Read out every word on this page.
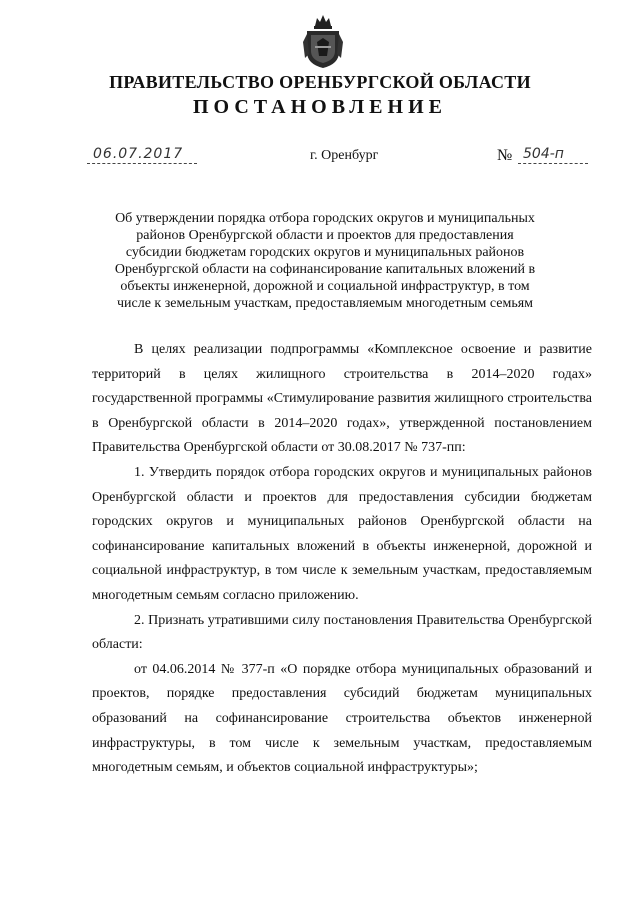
ПРАВИТЕЛЬСТВО ОРЕНБУРГСКОЙ ОБЛАСТИ
ПОСТАНОВЛЕНИЕ
06.07.2017	г. Оренбург	№ 504-п
Об утверждении порядка отбора городских округов и муниципальных районов Оренбургской области и проектов для предоставления субсидии бюджетам городских округов и муниципальных районов Оренбургской области на софинансирование капитальных вложений в объекты инженерной, дорожной и социальной инфраструктур, в том числе к земельным участкам, предоставляемым многодетным семьям

В целях реализации подпрограммы «Комплексное освоение и развитие территорий в целях жилищного строительства в 2014–2020 годах» государственной программы «Стимулирование развития жилищного строительства в Оренбургской области в 2014–2020 годах», утвержденной постановлением Правительства Оренбургской области от 30.08.2017 № 737-пп:

1. Утвердить порядок отбора городских округов и муниципальных районов Оренбургской области и проектов для предоставления субсидии бюджетам городских округов и муниципальных районов Оренбургской области на софинансирование капитальных вложений в объекты инженерной, дорожной и социальной инфраструктур, в том числе к земельным участкам, предоставляемым многодетным семьям согласно приложению.

2. Признать утратившими силу постановления Правительства Оренбургской области:

от 04.06.2014 № 377-п «О порядке отбора муниципальных образований и проектов, порядке предоставления субсидий бюджетам муниципальных образований на софинансирование строительства объектов инженерной инфраструктуры, в том числе к земельным участкам, предоставляемым многодетным семьям, и объектов социальной инфраструктуры»;
